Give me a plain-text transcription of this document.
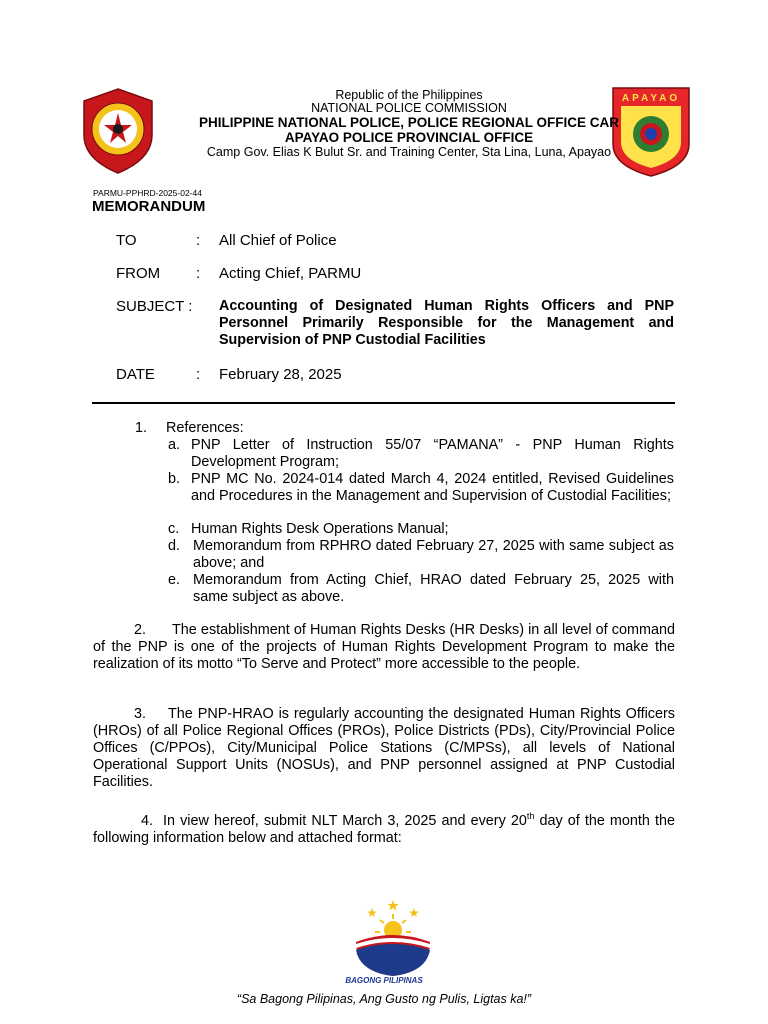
APAYAO
Republic of the Philippines
NATIONAL POLICE COMMISSION
PHILIPPINE NATIONAL POLICE, POLICE REGIONAL OFFICE CAR
APAYAO POLICE PROVINCIAL OFFICE
Camp Gov. Elias K Bulut Sr. and Training Center, Sta Lina, Luna, Apayao
PARMU-PPHRD-2025-02-44
MEMORANDUM
TO	: All Chief of Police
FROM : Acting Chief, PARMU
SUBJECT : Accounting of Designated Human Rights Officers and PNP Personnel Primarily Responsible for the Management and Supervision of PNP Custodial Facilities
DATE	: February 28, 2025
1. References:
a. PNP Letter of Instruction 55/07 “PAMANA” - PNP Human Rights Development Program;
b. PNP MC No. 2024-014 dated March 4, 2024 entitled, Revised Guidelines and Procedures in the Management and Supervision of Custodial Facilities;
c. Human Rights Desk Operations Manual;
d. Memorandum from RPHRO dated February 27, 2025 with same subject as above; and
e. Memorandum from Acting Chief, HRAO dated February 25, 2025 with same subject as above.
2. The establishment of Human Rights Desks (HR Desks) in all level of command of the PNP is one of the projects of Human Rights Development Program to make the realization of its motto “To Serve and Protect” more accessible to the people.
3. The PNP-HRAO is regularly accounting the designated Human Rights Officers (HROs) of all Police Regional Offices (PROs), Police Districts (PDs), City/Provincial Police Offices (C/PPOs), City/Municipal Police Stations (C/MPSs), all levels of National Operational Support Units (NOSUs), and PNP personnel assigned at PNP Custodial Facilities.
4. In view hereof, submit NLT March 3, 2025 and every 20th day of the month the following information below and attached format:
BAGONG PILIPINAS
“Sa Bagong Pilipinas, Ang Gusto ng Pulis, Ligtas ka!”
